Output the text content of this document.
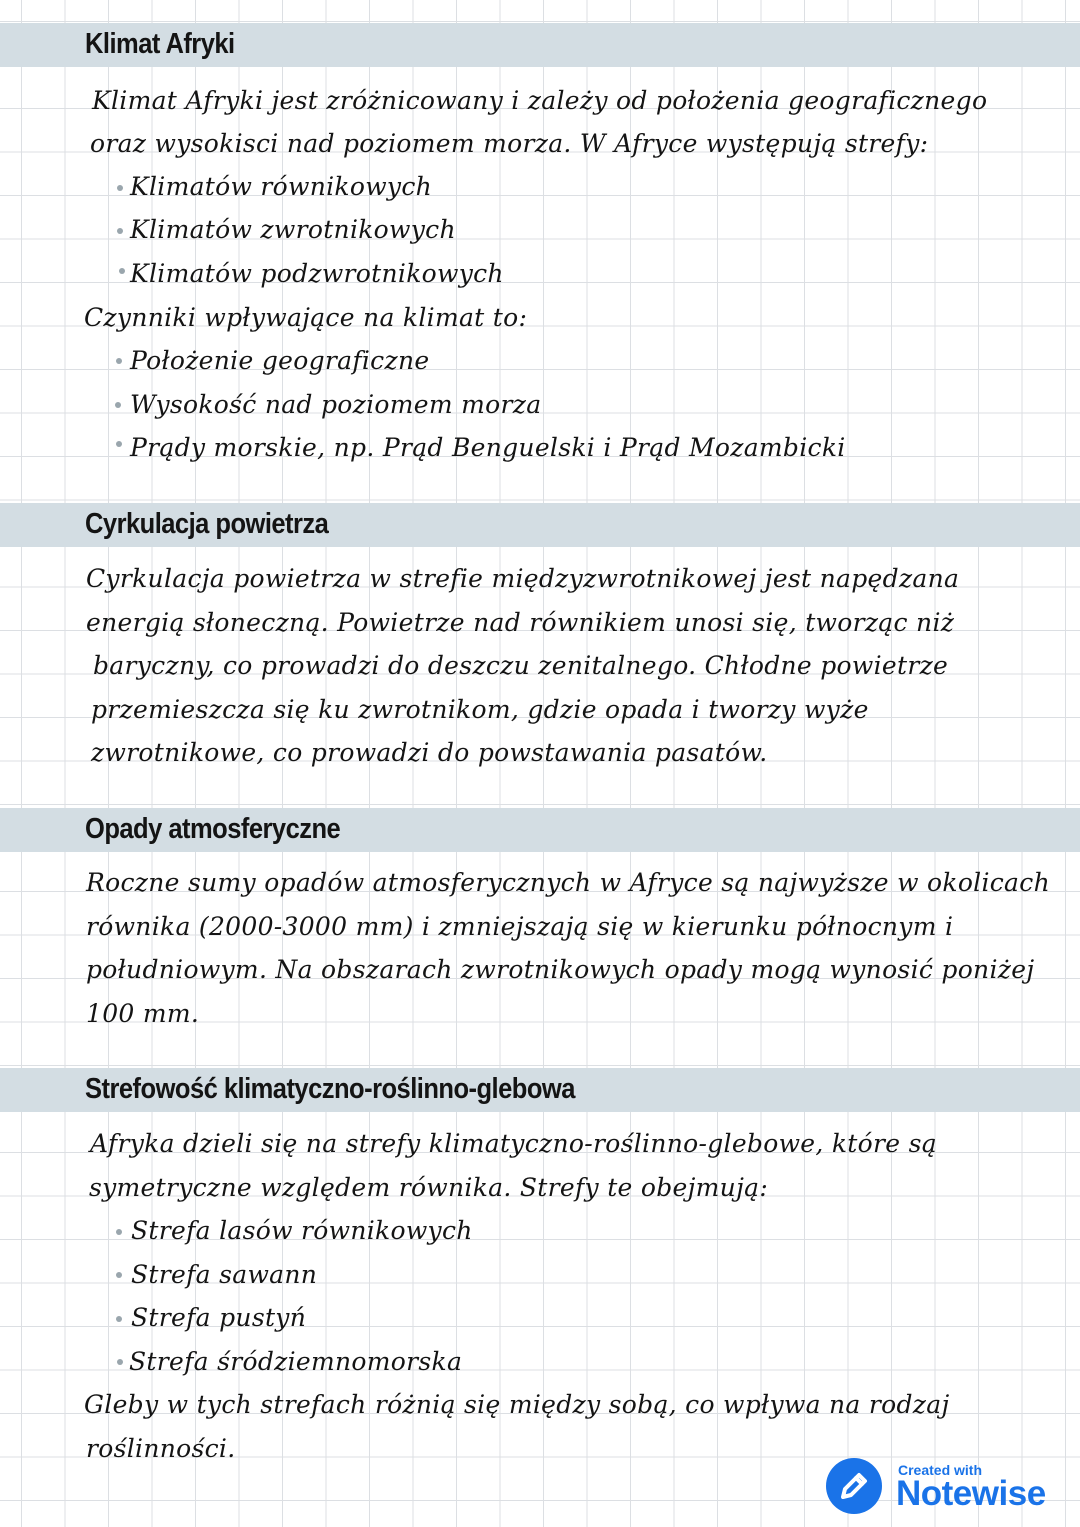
Klimat Afryki

Klimat Afryki jest zróżnicowany i zależy od położenia geograficznego

oraz wysokisci nad poziomem morza. W Afryce występują strefy:

Klimatów równikowych

Klimatów zwrotnikowych

Klimatów podzwrotnikowych

Czynniki wpływające na klimat to:

Położenie geograficzne

Wysokość nad poziomem morza

Prądy morskie, np. Prąd Benguelski i Prąd Mozambicki

Cyrkulacja powietrza

Cyrkulacja powietrza w strefie międzyzwrotnikowej jest napędzana

energią słoneczną. Powietrze nad równikiem unosi się, tworząc niż

baryczny, co prowadzi do deszczu zenitalnego. Chłodne powietrze

przemieszcza się ku zwrotnikom, gdzie opada i tworzy wyże

zwrotnikowe, co prowadzi do powstawania pasatów.

Opady atmosferyczne

Roczne sumy opadów atmosferycznych w Afryce są najwyższe w okolicach

równika (2000-3000 mm) i zmniejszają się w kierunku północnym i

południowym. Na obszarach zwrotnikowych opady mogą wynosić poniżej

100 mm.

Strefowość klimatyczno-roślinno-glebowa

Afryka dzieli się na strefy klimatyczno-roślinno-glebowe, które są

symetryczne względem równika. Strefy te obejmują:

Strefa lasów równikowych

Strefa sawann

Strefa pustyń

Strefa śródziemnomorska

Gleby w tych strefach różnią się między sobą, co wpływa na rodzaj

roślinności.

Created with
Notewise
